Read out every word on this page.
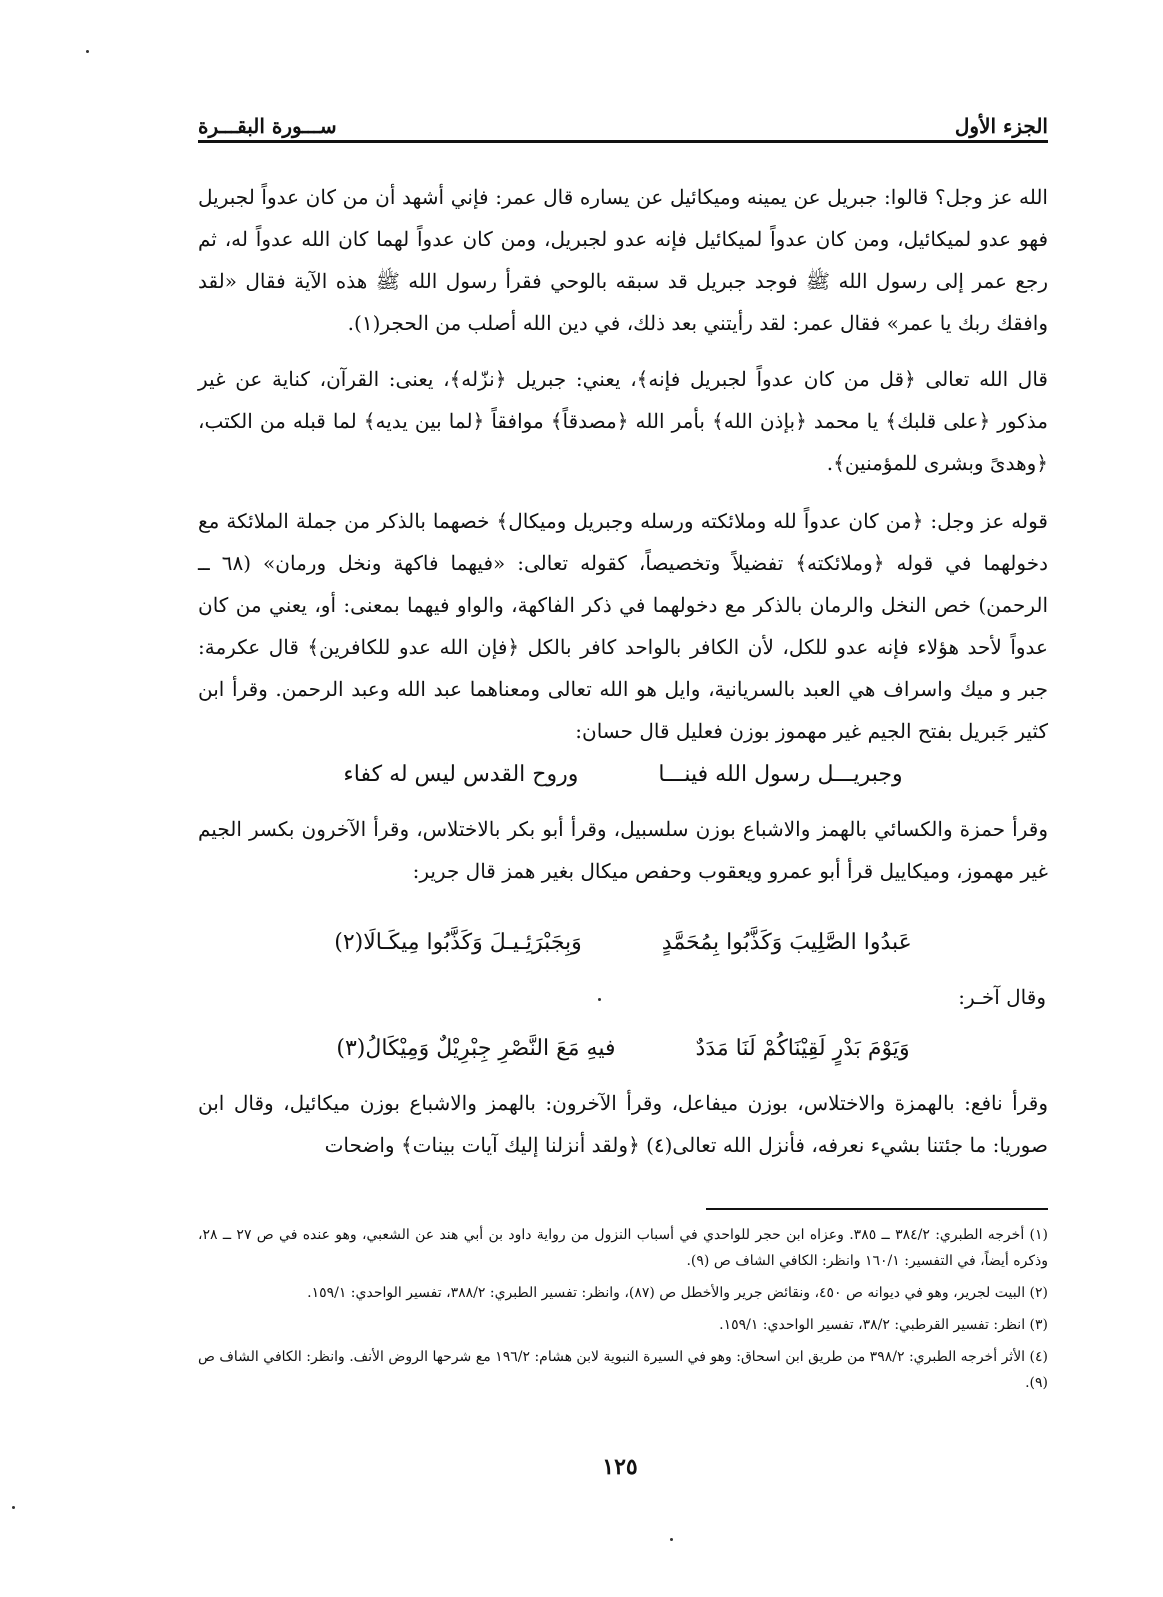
الجزء الأول
ســـورة البقـــرة

الله عز وجل؟ قالوا: جبريل عن يمينه وميكائيل عن يساره قال عمر: فإني أشهد أن من كان عدواً لجبريل فهو عدو لميكائيل، ومن كان عدواً لميكائيل فإنه عدو لجبريل، ومن كان عدواً لهما كان الله عدواً له، ثم رجع عمر إلى رسول الله ﷺ فوجد جبريل قد سبقه بالوحي فقرأ رسول الله ﷺ هذه الآية فقال «لقد وافقك ربك يا عمر» فقال عمر: لقد رأيتني بعد ذلك، في دين الله أصلب من الحجر(١).

قال الله تعالى ﴿قل من كان عدواً لجبريل فإنه﴾، يعني: جبريل ﴿نزّله﴾، يعنى: القرآن، كناية عن غير مذكور ﴿على قلبك﴾ يا محمد ﴿بإذن الله﴾ بأمر الله ﴿مصدقاً﴾ موافقاً ﴿لما بين يديه﴾ لما قبله من الكتب، ﴿وهدىً وبشرى للمؤمنين﴾.

قوله عز وجل: ﴿من كان عدواً لله وملائكته ورسله وجبريل وميكال﴾ خصهما بالذكر من جملة الملائكة مع دخولهما في قوله ﴿وملائكته﴾ تفضيلاً وتخصيصاً، كقوله تعالى: «فيهما فاكهة ونخل ورمان» (٦٨ ــ الرحمن) خص النخل والرمان بالذكر مع دخولهما في ذكر الفاكهة، والواو فيهما بمعنى: أو، يعني من كان عدواً لأحد هؤلاء فإنه عدو للكل، لأن الكافر بالواحد كافر بالكل ﴿فإن الله عدو للكافرين﴾ قال عكرمة: جبر و ميك واسراف هي العبد بالسريانية، وايل هو الله تعالى ومعناهما عبد الله وعبد الرحمن. وقرأ ابن كثير جَبريل بفتح الجيم غير مهموز بوزن فعليل قال حسان:

وجبريـــل رسول الله فينـــا
وروح القدس ليس له كفاء

وقرأ حمزة والكسائي بالهمز والاشباع بوزن سلسبيل، وقرأ أبو بكر بالاختلاس، وقرأ الآخرون بكسر الجيم غير مهموز، وميكاييل قرأ أبو عمرو ويعقوب وحفص ميكال بغير همز قال جرير:

عَبدُوا الصَّلِيبَ وَكَذَّبُوا بِمُحَمَّدٍ
وَبِجَبْرَئِـيـلَ وَكَذَّبُوا مِيكَـالَا(٢)
وقال آخـر:
وَيَوْمَ بَدْرٍ لَقِيْنَاكُمْ لَنَا مَدَدٌ
فيهِ مَعَ النَّصْرِ جِبْرِيْلٌ وَمِيْكَالُ(٣)

وقرأ نافع: بالهمزة والاختلاس، بوزن ميفاعل، وقرأ الآخرون: بالهمز والاشباع بوزن ميكائيل، وقال ابن صوريا: ما جئتنا بشيء نعرفه، فأنزل الله تعالى(٤) ﴿ولقد أنزلنا إليك آيات بينات﴾ واضحات

(١) أخرجه الطبري: ٣٨٤/٢ ــ ٣٨٥. وعزاه ابن حجر للواحدي في أسباب النزول من رواية داود بن أبي هند عن الشعبي، وهو عنده في ص ٢٧ ــ ٢٨، وذكره أيضاً، في التفسير: ١٦٠/١ وانظر: الكافي الشاف ص (٩).

(٢) البيت لجرير، وهو في ديوانه ص ٤٥٠، ونقائض جرير والأخطل ص (٨٧)، وانظر: تفسير الطبري: ٣٨٨/٢، تفسير الواحدي: ١٥٩/١.

(٣) انظر: تفسير القرطبي: ٣٨/٢، تفسير الواحدي: ١٥٩/١.

(٤) الأثر أخرجه الطبري: ٣٩٨/٢ من طريق ابن اسحاق: وهو في السيرة النبوية لابن هشام: ١٩٦/٢ مع شرحها الروض الأنف. وانظر: الكافي الشاف ص (٩).

١٢٥
